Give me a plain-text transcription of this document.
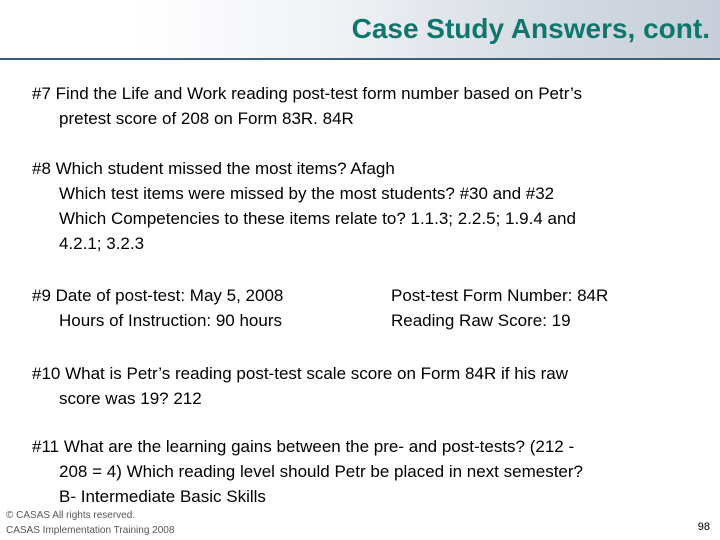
Case Study Answers, cont.
#7 Find the Life and Work reading post-test form number based on Petr’s
pretest score of 208 on Form 83R. 84R
#8 Which student missed the most items? Afagh
Which test items were missed by the most students? #30 and #32
Which Competencies to these items relate to? 1.1.3; 2.2.5; 1.9.4 and
4.2.1; 3.2.3
#9 Date of post-test: May 5, 2008
Hours of Instruction: 90 hours
Post-test Form Number: 84R
Reading Raw Score: 19
#10 What is Petr’s reading post-test scale score on Form 84R if his raw
score was 19? 212
#11 What are the learning gains between the pre- and post-tests? (212 -
208 = 4) Which reading level should Petr be placed in next semester?
B- Intermediate Basic Skills
© CASAS All rights reserved.
CASAS Implementation Training 2008	98
